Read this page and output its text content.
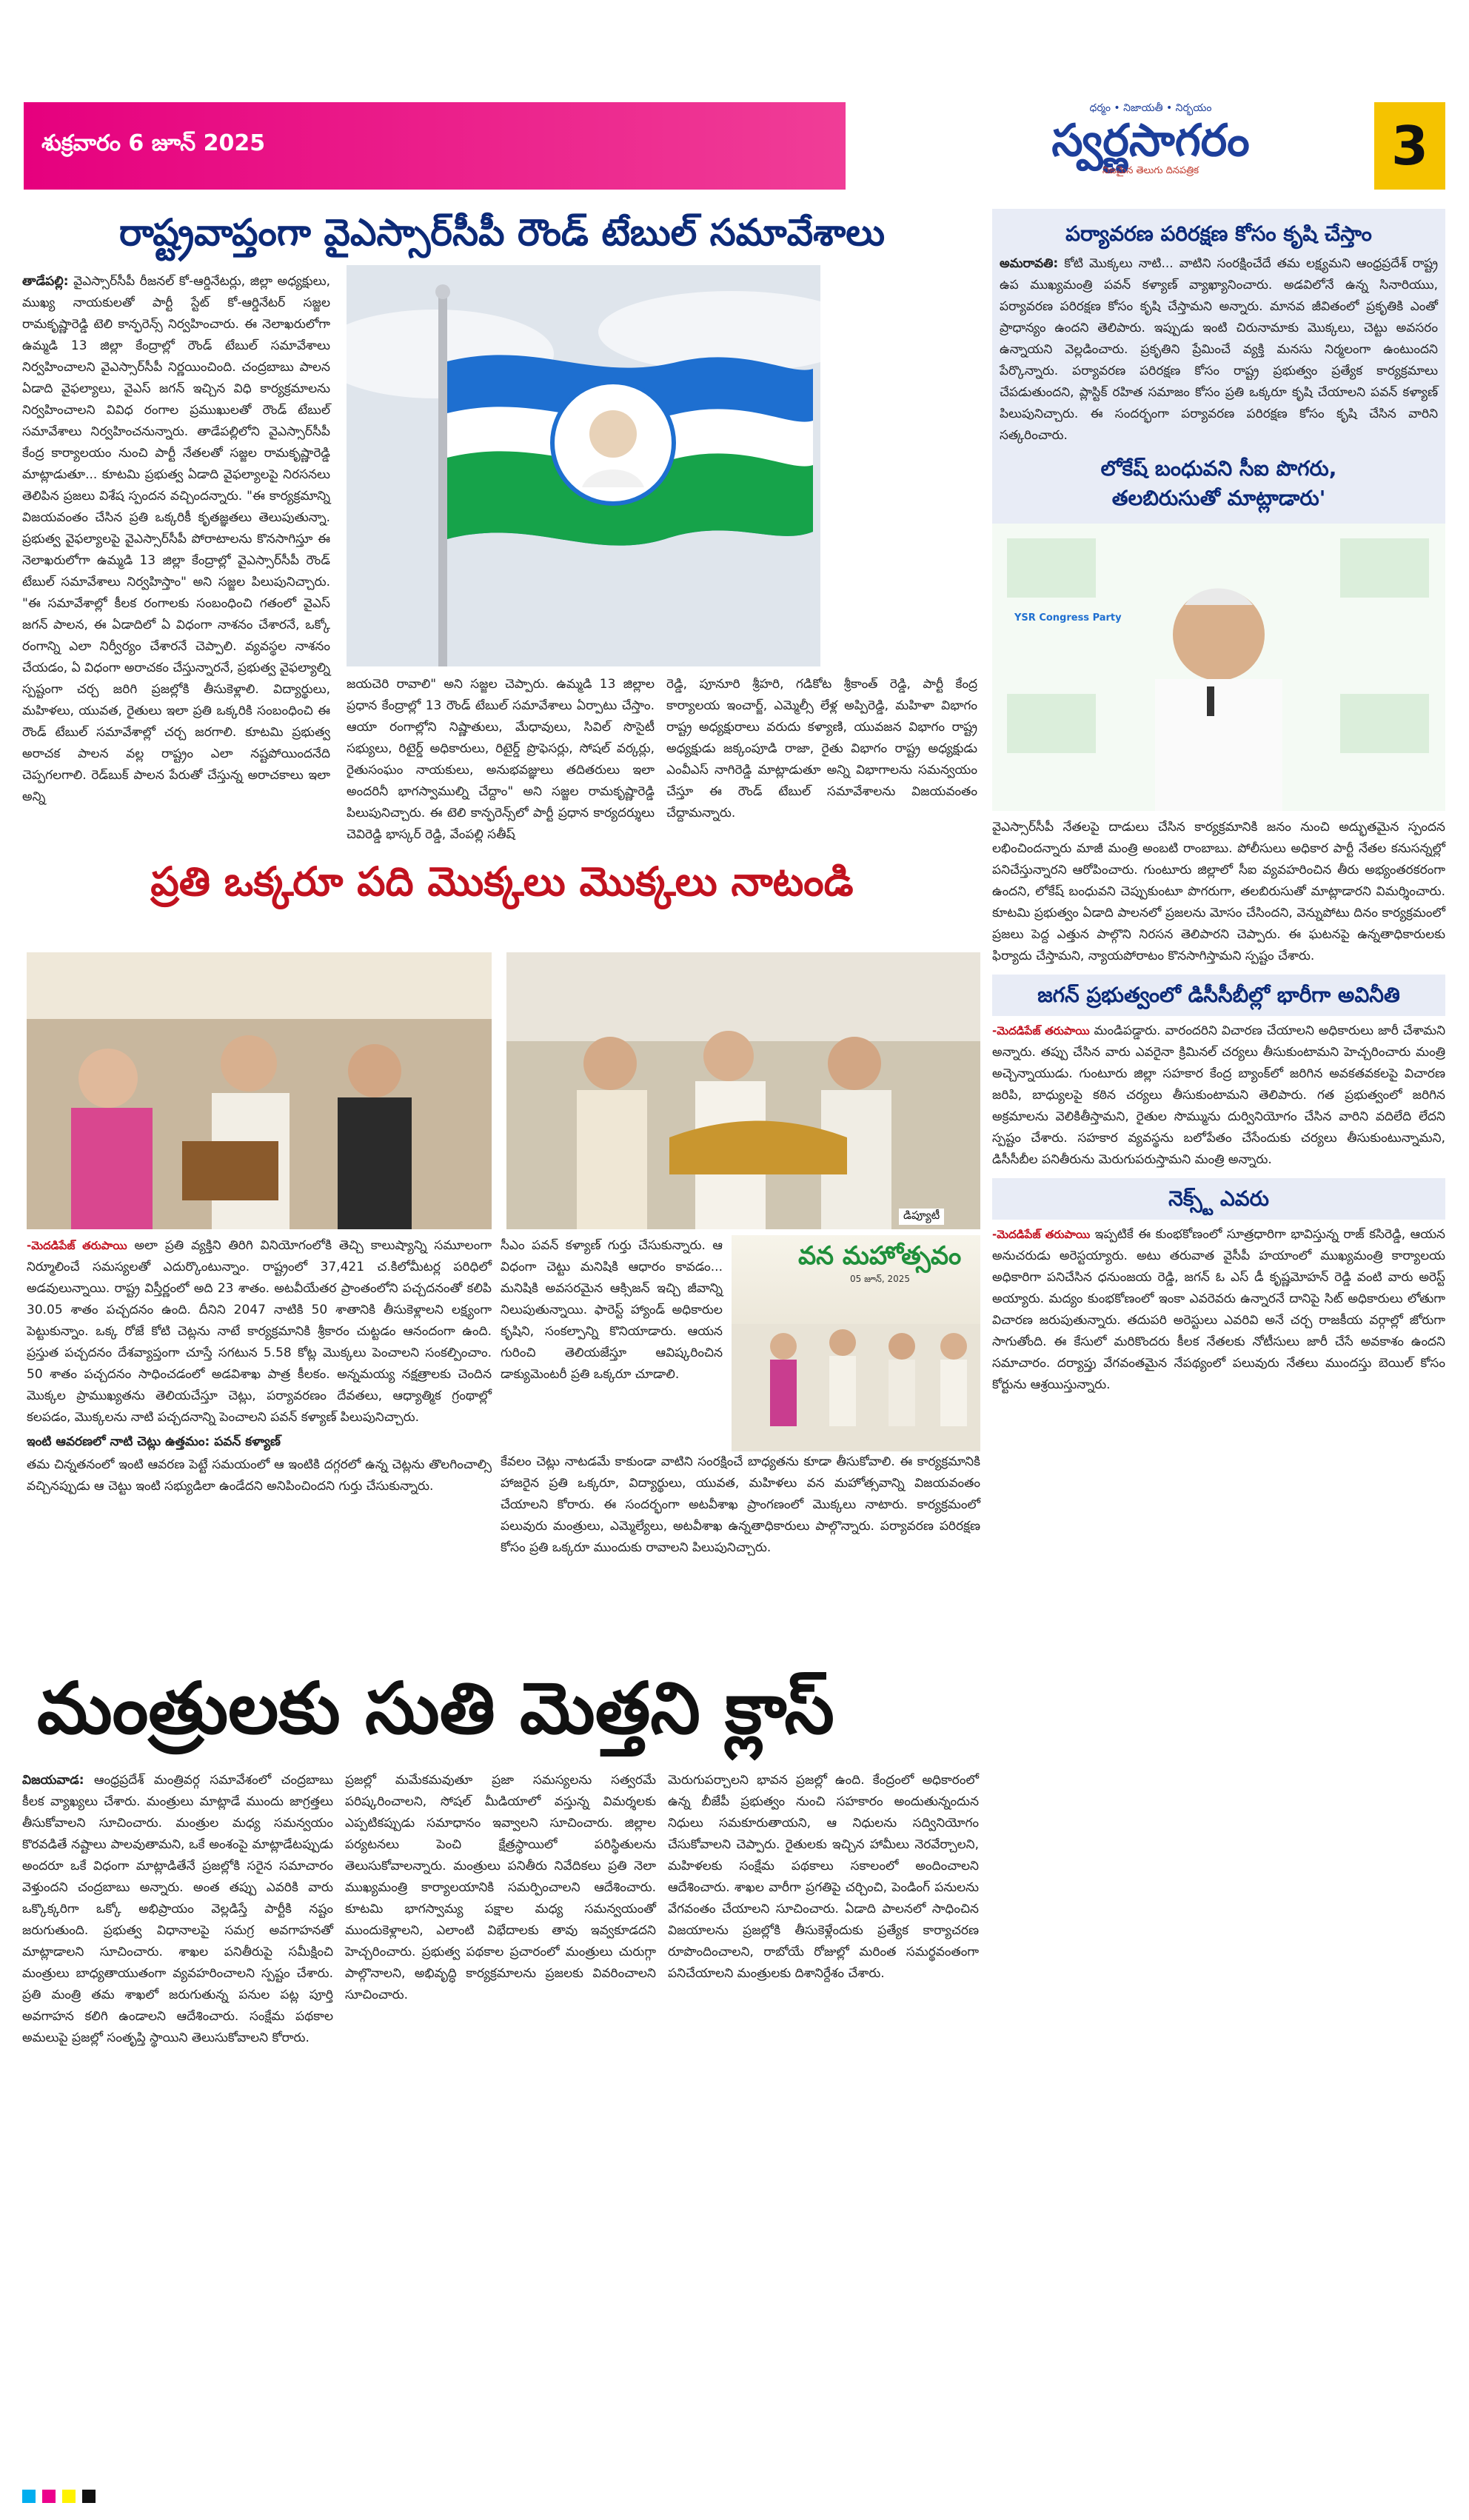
శుక్రవారం 6 జూన్ 2025
ధర్మం • నిజాయతీ • నిర్భయం
స్వర్ణసాగరం
నిజమైన తెలుగు దినపత్రిక	3
రాష్ట్రవాప్తంగా వైఎస్సార్‌సీపీ రౌండ్ టేబుల్ సమావేశాలు
తాడేపల్లి: వైఎస్సార్‌సీపీ రీజనల్ కో-ఆర్డినేటర్లు, జిల్లా అధ్యక్షులు, ముఖ్య నాయకులతో పార్టీ స్టేట్ కో-ఆర్డినేటర్ సజ్జల రామకృష్ణారెడ్డి టెలి కాన్ఫరెన్స్ నిర్వహించారు. ఈ నెలాఖరులోగా ఉమ్మడి 13 జిల్లా కేంద్రాల్లో రౌండ్ టేబుల్ సమావేశాలు నిర్వహించాలని వైఎస్సార్‌సీపీ నిర్ణయించింది. చంద్రబాబు పాలన ఏడాది వైఫల్యాలు, వైఎస్ జగన్ ఇచ్చిన విధి కార్యక్రమాలను నిర్వహించాలని వివిధ రంగాల ప్రముఖులతో రౌండ్ టేబుల్ సమావేశాలు నిర్వహించనున్నారు. తాడేపల్లిలోని వైఎస్సార్‌సీపీ కేంద్ర కార్యాలయం నుంచి పార్టీ నేతలతో సజ్జల రామకృష్ణారెడ్డి మాట్లాడుతూ... కూటమి ప్రభుత్వ ఏడాది వైఫల్యాలపై నిరసనలు తెలిపిన ప్రజలు విశేష స్పందన వచ్చిందన్నారు. "ఈ కార్యక్రమాన్ని విజయవంతం చేసిన ప్రతి ఒక్కరికీ కృతజ్ఞతలు తెలుపుతున్నా. ప్రభుత్వ వైఫల్యాలపై వైఎస్సార్‌సీపీ పోరాటాలను కొనసాగిస్తూ ఈ నెలాఖరులోగా ఉమ్మడి 13 జిల్లా కేంద్రాల్లో వైఎస్సార్‌సీపీ రౌండ్ టేబుల్ సమావేశాలు నిర్వహిస్తాం" అని సజ్జల పిలుపునిచ్చారు. "ఈ సమావేశాల్లో కీలక రంగాలకు సంబంధించి గతంలో వైఎస్ జగన్ పాలన, ఈ ఏడాదిలో ఏ విధంగా నాశనం చేశారనే, ఒక్కో రంగాన్ని ఎలా నిర్వీర్యం చేశారనే చెప్పాలి. వ్యవస్థల నాశనం చేయడం, ఏ విధంగా అరాచకం చేస్తున్నారనే, ప్రభుత్వ వైఫల్యాల్ని స్పష్టంగా చర్చ జరిగి ప్రజల్లోకి తీసుకెళ్లాలి. విద్యార్థులు, మహిళలు, యువత, రైతులు ఇలా ప్రతి ఒక్కరికి సంబంధించి ఈ రౌండ్ టేబుల్ సమావేశాల్లో చర్చ జరగాలి. కూటమి ప్రభుత్వ అరాచక పాలన వల్ల రాష్ట్రం ఎలా నష్టపోయిందనేది చెప్పగలగాలి. రెడ్‌బుక్ పాలన పేరుతో చేస్తున్న అరాచకాలు ఇలా అన్ని
జయచెరి రావాలి" అని సజ్జల చెప్పారు. ఉమ్మడి 13 జిల్లాల ప్రధాన కేంద్రాల్లో 13 రౌండ్ టేబుల్ సమావేశాలు ఏర్పాటు చేస్తాం. ఆయా రంగాల్లోని నిష్ణాతులు, మేధావులు, సివిల్ సొసైటీ సభ్యులు, రిటైర్డ్ అధికారులు, రిటైర్డ్ ప్రొఫెసర్లు, సోషల్ వర్కర్లు, రైతుసంఘం నాయకులు, అనుభవజ్ఞులు తదితరులు ఇలా అందరినీ భాగస్వాముల్ని చేద్దాం" అని సజ్జల రామకృష్ణారెడ్డి పిలుపునిచ్చారు. ఈ టెలి కాన్ఫరెన్స్‌లో పార్టీ ప్రధాన కార్యదర్శులు చెవిరెడ్డి భాస్కర్ రెడ్డి, వేంపల్లి సతీష్
రెడ్డి, పూనూరి శ్రీహరి, గడికోట శ్రీకాంత్ రెడ్డి, పార్టీ కేంద్ర కార్యాలయ ఇంచార్జ్, ఎమ్మెల్సీ లేళ్ల అప్పిరెడ్డి, మహిళా విభాగం రాష్ట్ర అధ్యక్షురాలు వరుదు కళ్యాణి, యువజన విభాగం రాష్ట్ర అధ్యక్షుడు జక్కంపూడి రాజా, రైతు విభాగం రాష్ట్ర అధ్యక్షుడు ఎంవీఎస్ నాగిరెడ్డి మాట్లాడుతూ అన్ని విభాగాలను సమన్వయం చేస్తూ ఈ రౌండ్ టేబుల్ సమావేశాలను విజయవంతం చేద్దామన్నారు.
ప్రతి ఒక్కరూ పది మొక్కలు మొక్కలు నాటండి
డిప్యూటీ

-మెదడిపేజ్ తరుపాయి అలా ప్రతి వ్యక్తిని తిరిగి వినియోగంలోకి తెచ్చి కాలుష్యాన్ని సమూలంగా నిర్మూలించే సమస్యలతో ఎదుర్కొంటున్నాం. రాష్ట్రంలో 37,421 చ.కిలోమీటర్ల పరిధిలో అడవులున్నాయి. రాష్ట్ర విస్తీర్ణంలో అది 23 శాతం. అటవీయేతర ప్రాంతంలోని పచ్చదనంతో కలిపి 30.05 శాతం పచ్చదనం ఉంది. దీనిని 2047 నాటికి 50 శాతానికి తీసుకెళ్లాలని లక్ష్యంగా పెట్టుకున్నాం. ఒక్క రోజే కోటి చెట్లను నాటే కార్యక్రమానికి శ్రీకారం చుట్టడం ఆనందంగా ఉంది. ప్రస్తుత పచ్చదనం దేశవ్యాప్తంగా చూస్తే సగటున 5.58 కోట్ల మొక్కలు పెంచాలని సంకల్పించాం. 50 శాతం పచ్చదనం సాధించడంలో అడవిశాఖ పాత్ర కీలకం. అన్నమయ్య నక్షత్రాలకు చెందిన మొక్కల ప్రాముఖ్యతను తెలియచేస్తూ చెట్లు, పర్యావరణం దేవతలు, ఆధ్యాత్మిక గ్రంథాల్లో కలపడం, మొక్కలను నాటి పచ్చదనాన్ని పెంచాలని పవన్ కళ్యాణ్ పిలుపునిచ్చారు.

ఇంటి ఆవరణలో నాటి చెట్లు ఉత్తమం: పవన్ కళ్యాణ్

తమ చిన్నతనంలో ఇంటి ఆవరణ పెట్టే సమయంలో ఆ ఇంటికి దగ్గరలో ఉన్న చెట్లను తొలగించాల్సి వచ్చినప్పుడు ఆ చెట్టు ఇంటి సభ్యుడిలా ఉండేదని అనిపించిందని గుర్తు చేసుకున్నారు.

సీఎం పవన్ కళ్యాణ్ గుర్తు చేసుకున్నారు. ఆ విధంగా చెట్టు మనిషికి ఆధారం కావడం... మనిషికి అవసరమైన ఆక్సిజన్ ఇచ్చి జీవాన్ని నిలుపుతున్నాయి. ఫారెస్ట్ హ్యాండ్ అధికారుల కృషిని, సంకల్పాన్ని కొనియాడారు. ఆయన గురించి తెలియజేస్తూ ఆవిష్కరించిన డాక్యుమెంటరీ ప్రతి ఒక్కరూ చూడాలి.
వన మహోత్సవం
05 జూన్, 2025
కేవలం చెట్లు నాటడమే కాకుండా వాటిని సంరక్షించే బాధ్యతను కూడా తీసుకోవాలి. ఈ కార్యక్రమానికి హాజరైన ప్రతి ఒక్కరూ, విద్యార్థులు, యువత, మహిళలు వన మహోత్సవాన్ని విజయవంతం చేయాలని కోరారు. ఈ సందర్భంగా అటవీశాఖ ప్రాంగణంలో మొక్కలు నాటారు. కార్యక్రమంలో పలువురు మంత్రులు, ఎమ్మెల్యేలు, అటవీశాఖ ఉన్నతాధికారులు పాల్గొన్నారు. పర్యావరణ పరిరక్షణ కోసం ప్రతి ఒక్కరూ ముందుకు రావాలని పిలుపునిచ్చారు.
మంత్రులకు సుతి మెత్తని క్లాస్
విజయవాడ: ఆంధ్రప్రదేశ్ మంత్రివర్గ సమావేశంలో చంద్రబాబు కీలక వ్యాఖ్యలు చేశారు. మంత్రులు మాట్లాడే ముందు జాగ్రత్తలు తీసుకోవాలని సూచించారు. మంత్రుల మధ్య సమన్వయం కొరవడితే నష్టాలు పాలవుతామని, ఒకే అంశంపై మాట్లాడేటప్పుడు అందరూ ఒకే విధంగా మాట్లాడితేనే ప్రజల్లోకి సరైన సమాచారం వెళ్తుందని చంద్రబాబు అన్నారు. అంత తప్పు ఎవరికి వారు ఒక్కొక్కరిగా ఒక్కో అభిప్రాయం వెల్లడిస్తే పార్టీకి నష్టం జరుగుతుంది. ప్రభుత్వ విధానాలపై సమగ్ర అవగాహనతో మాట్లాడాలని సూచించారు. శాఖల పనితీరుపై సమీక్షించి మంత్రులు బాధ్యతాయుతంగా వ్యవహరించాలని స్పష్టం చేశారు. ప్రతి మంత్రి తమ శాఖలో జరుగుతున్న పనుల పట్ల పూర్తి అవగాహన కలిగి ఉండాలని ఆదేశించారు. సంక్షేమ పథకాల అమలుపై ప్రజల్లో సంతృప్తి స్థాయిని తెలుసుకోవాలని కోరారు.
ప్రజల్లో మమేకమవుతూ ప్రజా సమస్యలను సత్వరమే పరిష్కరించాలని, సోషల్ మీడియాలో వస్తున్న విమర్శలకు ఎప్పటికప్పుడు సమాధానం ఇవ్వాలని సూచించారు. జిల్లాల పర్యటనలు పెంచి క్షేత్రస్థాయిలో పరిస్థితులను తెలుసుకోవాలన్నారు. మంత్రులు పనితీరు నివేదికలు ప్రతి నెలా ముఖ్యమంత్రి కార్యాలయానికి సమర్పించాలని ఆదేశించారు. కూటమి భాగస్వామ్య పక్షాల మధ్య సమన్వయంతో ముందుకెళ్లాలని, ఎలాంటి విభేదాలకు తావు ఇవ్వకూడదని హెచ్చరించారు. ప్రభుత్వ పథకాల ప్రచారంలో మంత్రులు చురుగ్గా పాల్గొనాలని, అభివృద్ధి కార్యక్రమాలను ప్రజలకు వివరించాలని సూచించారు.
మెరుగుపర్చాలని భావన ప్రజల్లో ఉంది. కేంద్రంలో అధికారంలో ఉన్న బీజేపీ ప్రభుత్వం నుంచి సహకారం అందుతున్నందున నిధులు సమకూరుతాయని, ఆ నిధులను సద్వినియోగం చేసుకోవాలని చెప్పారు. రైతులకు ఇచ్చిన హామీలు నెరవేర్చాలని, మహిళలకు సంక్షేమ పథకాలు సకాలంలో అందించాలని ఆదేశించారు. శాఖల వారీగా ప్రగతిపై చర్చించి, పెండింగ్ పనులను వేగవంతం చేయాలని సూచించారు. ఏడాది పాలనలో సాధించిన విజయాలను ప్రజల్లోకి తీసుకెళ్లేందుకు ప్రత్యేక కార్యాచరణ రూపొందించాలని, రాబోయే రోజుల్లో మరింత సమర్థవంతంగా పనిచేయాలని మంత్రులకు దిశానిర్దేశం చేశారు.
పర్యావరణ పరిరక్షణ కోసం కృషి చేస్తాం
అమరావతి: కోటి మొక్కలు నాటి... వాటిని సంరక్షించేదే తమ లక్ష్యమని ఆంధ్రప్రదేశ్ రాష్ట్ర ఉప ముఖ్యమంత్రి పవన్ కళ్యాణ్ వ్యాఖ్యానించారు. అడవిలోనే ఉన్న సినారియుు, పర్యావరణ పరిరక్షణ కోసం కృషి చేస్తామని అన్నారు. మానవ జీవితంలో ప్రకృతికి ఎంతో ప్రాధాన్యం ఉందని తెలిపారు. ఇప్పుడు ఇంటి చిరునామాకు మొక్కలు, చెట్టు అవసరం ఉన్నాయని వెల్లడించారు. ప్రకృతిని ప్రేమించే వ్యక్తి మనసు నిర్మలంగా ఉంటుందని పేర్కొన్నారు. పర్యావరణ పరిరక్షణ కోసం రాష్ట్ర ప్రభుత్వం ప్రత్యేక కార్యక్రమాలు చేపడుతుందని, ప్లాస్టిక్ రహిత సమాజం కోసం ప్రతి ఒక్కరూ కృషి చేయాలని పవన్ కళ్యాణ్ పిలుపునిచ్చారు. ఈ సందర్భంగా పర్యావరణ పరిరక్షణ కోసం కృషి చేసిన వారిని సత్కరించారు.
లోకేష్ బంధువని సీఐ పొగరు,
తలబిరుసుతో మాట్లాడారు'
YSR Congress Party
వైఎస్సార్‌సీపీ నేతలపై దాడులు చేసిన కార్యక్రమానికి జనం నుంచి అద్భుతమైన స్పందన లభించిందన్నారు మాజీ మంత్రి అంబటి రాంబాబు. పోలీసులు అధికార పార్టీ నేతల కనుసన్నల్లో పనిచేస్తున్నారని ఆరోపించారు. గుంటూరు జిల్లాలో సీఐ వ్యవహరించిన తీరు అభ్యంతరకరంగా ఉందని, లోకేష్ బంధువని చెప్పుకుంటూ పొగరుగా, తలబిరుసుతో మాట్లాడారని విమర్శించారు. కూటమి ప్రభుత్వం ఏడాది పాలనలో ప్రజలను మోసం చేసిందని, వెన్నుపోటు దినం కార్యక్రమంలో ప్రజలు పెద్ద ఎత్తున పాల్గొని నిరసన తెలిపారని చెప్పారు. ఈ ఘటనపై ఉన్నతాధికారులకు ఫిర్యాదు చేస్తామని, న్యాయపోరాటం కొనసాగిస్తామని స్పష్టం చేశారు.
జగన్ ప్రభుత్వంలో డిసీసీబీల్లో భారీగా అవినీతి
-మెదడిపేజ్ తరుపాయి మండిపడ్డారు. వారందరిని విచారణ చేయాలని అధికారులు జారీ చేశామని అన్నారు. తప్పు చేసిన వారు ఎవరైనా క్రిమినల్ చర్యలు తీసుకుంటామని హెచ్చరించారు మంత్రి అచ్చెన్నాయుడు. గుంటూరు జిల్లా సహకార కేంద్ర బ్యాంక్‌లో జరిగిన అవకతవకలపై విచారణ జరిపి, బాధ్యులపై కఠిన చర్యలు తీసుకుంటామని తెలిపారు. గత ప్రభుత్వంలో జరిగిన అక్రమాలను వెలికితీస్తామని, రైతుల సొమ్మును దుర్వినియోగం చేసిన వారిని వదిలేది లేదని స్పష్టం చేశారు. సహకార వ్యవస్థను బలోపేతం చేసేందుకు చర్యలు తీసుకుంటున్నామని, డిసీసీబీల పనితీరును మెరుగుపరుస్తామని మంత్రి అన్నారు.
నెక్స్ట్ ఎవరు
-మెదడిపేజ్ తరుపాయి ఇప్పటికే ఈ కుంభకోణంలో సూత్రధారిగా భావిస్తున్న రాజ్ కసిరెడ్డి, ఆయన అనుచరుడు అరెస్టయ్యారు. అటు తరువాత వైసీపీ హయాంలో ముఖ్యమంత్రి కార్యాలయ అధికారిగా పనిచేసిన ధనుంజయ రెడ్డి, జగన్ ఓ ఎస్ డీ కృష్ణమోహన్ రెడ్డి వంటి వారు అరెస్ట్ అయ్యారు. మద్యం కుంభకోణంలో ఇంకా ఎవరెవరు ఉన్నారనే దానిపై సిట్ అధికారులు లోతుగా విచారణ జరుపుతున్నారు. తదుపరి అరెస్టులు ఎవరివి అనే చర్చ రాజకీయ వర్గాల్లో జోరుగా సాగుతోంది. ఈ కేసులో మరికొందరు కీలక నేతలకు నోటీసులు జారీ చేసే అవకాశం ఉందని సమాచారం. దర్యాప్తు వేగవంతమైన నేపథ్యంలో పలువురు నేతలు ముందస్తు బెయిల్ కోసం కోర్టును ఆశ్రయిస్తున్నారు.
